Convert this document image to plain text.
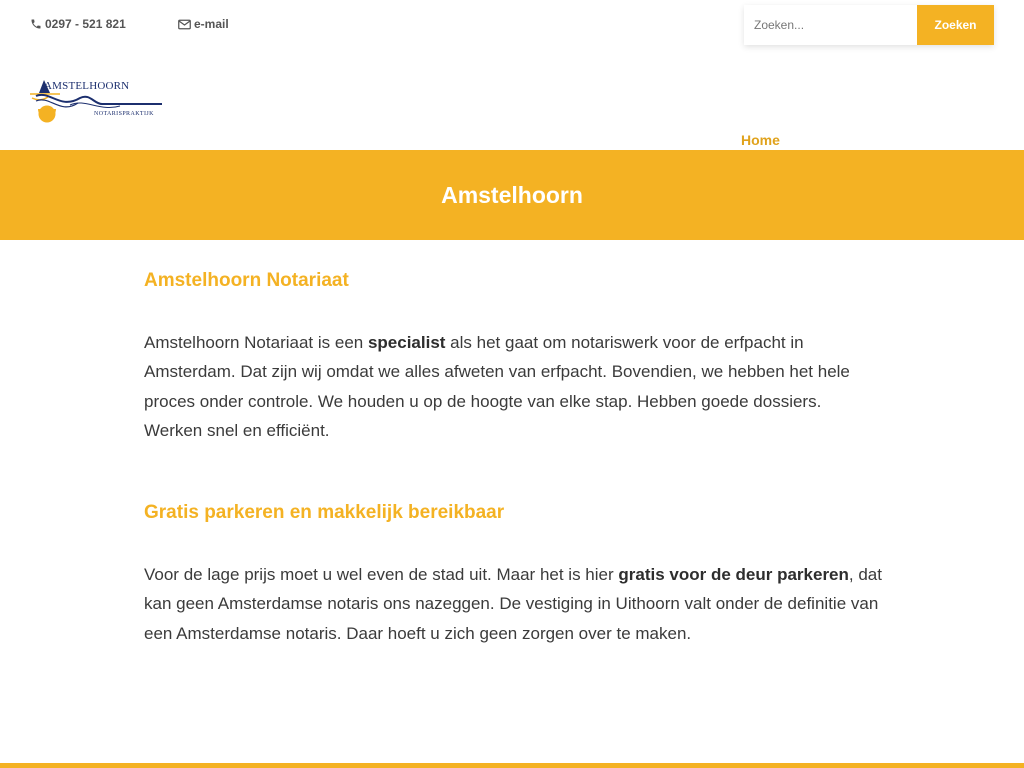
0297 - 521 821	e-mail
Zoeken...	Zoeken
AMSTELHOORN
NOTARISPRAKTIJK
Home
Amstelhoorn
Amstelhoorn Notariaat

Amstelhoorn Notariaat is een specialist als het gaat om notariswerk voor de erfpacht in Amsterdam. Dat zijn wij omdat we alles afweten van erfpacht. Bovendien, we hebben het hele proces onder controle. We houden u op de hoogte van elke stap. Hebben goede dossiers. Werken snel en efficiënt.

Gratis parkeren en makkelijk bereikbaar

Voor de lage prijs moet u wel even de stad uit. Maar het is hier gratis voor de deur parkeren, dat kan geen Amsterdamse notaris ons nazeggen. De vestiging in Uithoorn valt onder de definitie van een Amsterdamse notaris. Daar hoeft u zich geen zorgen over te maken.
